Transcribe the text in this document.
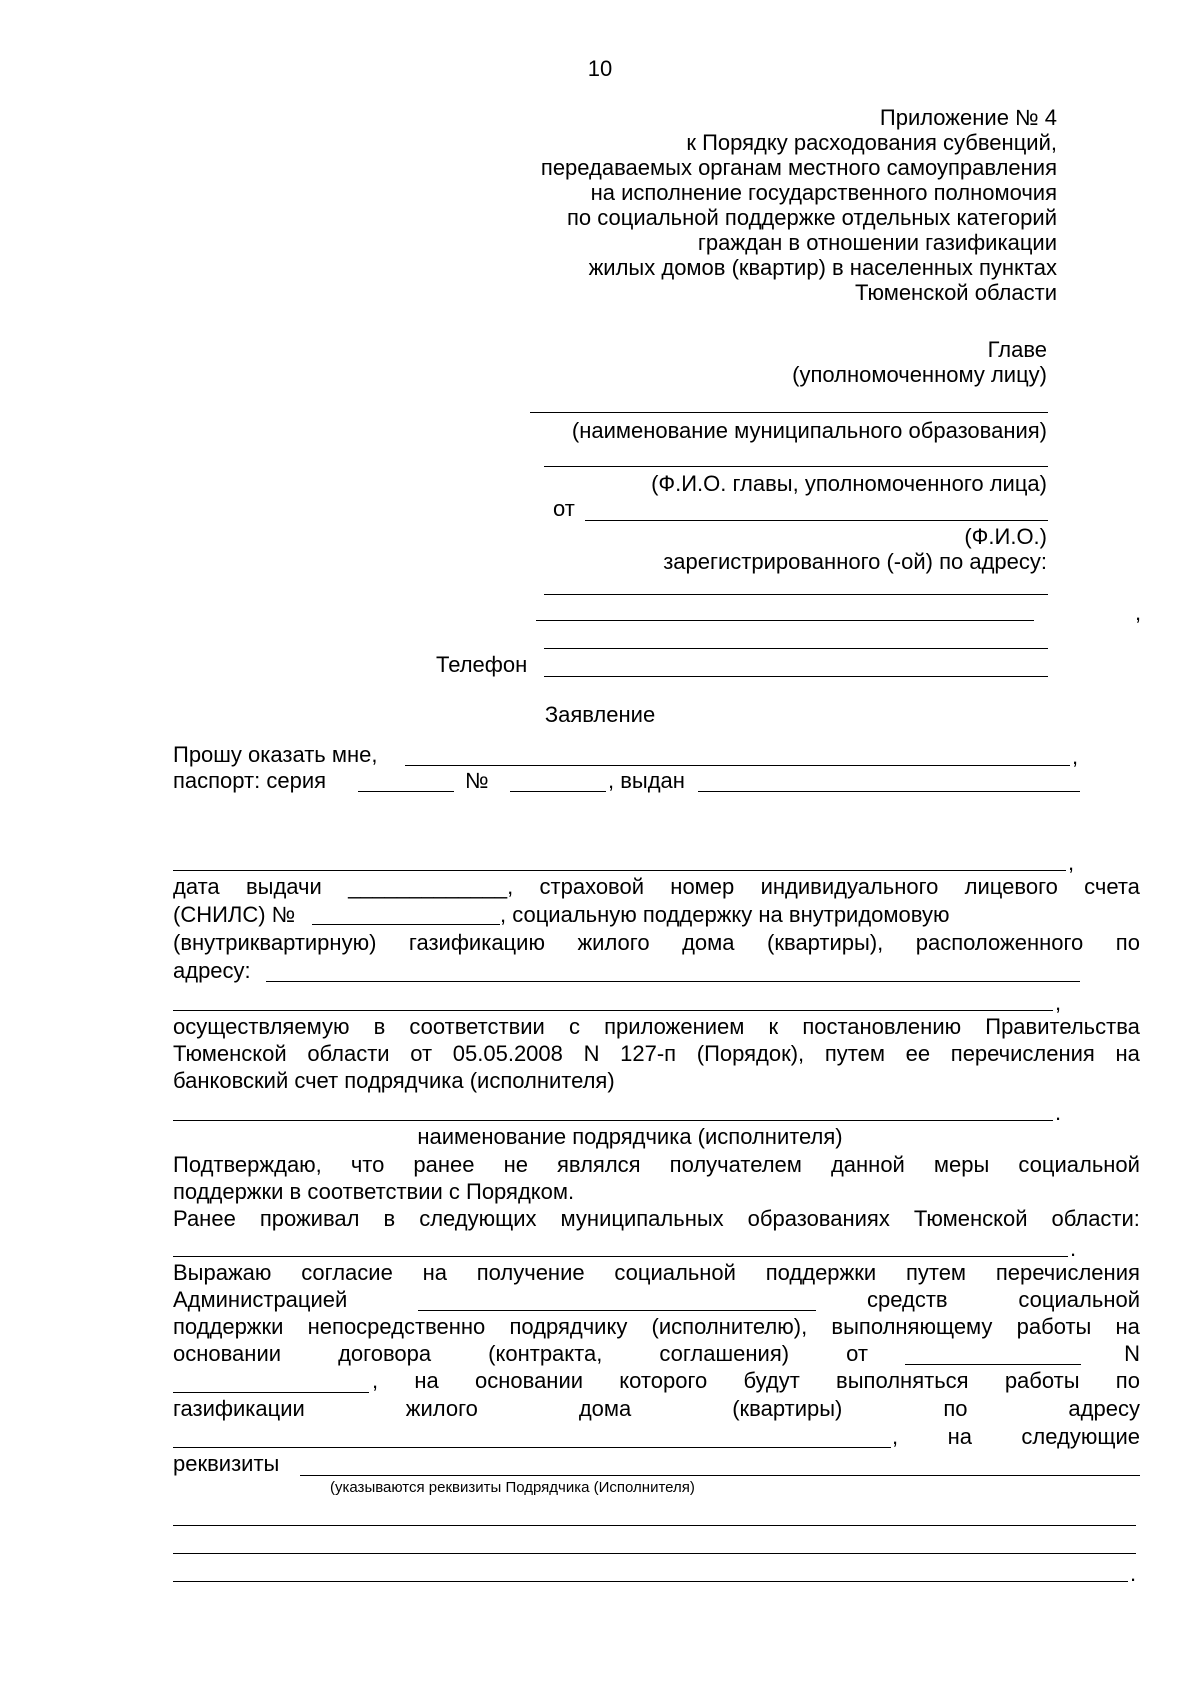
10
Приложение № 4
к Порядку расходования субвенций,
передаваемых органам местного самоуправления
на исполнение государственного полномочия
по социальной поддержке отдельных категорий
граждан в отношении газификации
жилых домов (квартир) в населенных пунктах
Тюменской области
Главе
(уполномоченному лицу)
(наименование муниципального образования)
(Ф.И.О. главы, уполномоченного лица)
от
(Ф.И.О.)
зарегистрированного (-ой) по адресу:
,
Телефон
Заявление
Прошу оказать мне,	,
паспорт: серия	№	, выдан
,
дата выдачи _____________, страховой номер индивидуального лицевого счета
(СНИЛС) №	, социальную поддержку на внутридомовую
(внутриквартирную) газификацию жилого дома (квартиры), расположенного по
адресу:
,
осуществляемую в соответствии с приложением к постановлению Правительства
Тюменской области от 05.05.2008 N 127-п (Порядок), путем ее перечисления на
банковский счет подрядчика (исполнителя)
.
наименование подрядчика (исполнителя)
Подтверждаю, что ранее не являлся получателем данной меры социальной
поддержки в соответствии с Порядком.
Ранее проживал в следующих муниципальных образованиях Тюменской области:
.
Выражаю согласие на получение социальной поддержки путем перечисления
Администрацией	средств	социальной
поддержки непосредственно подрядчику (исполнителю), выполняющему работы на
основании	договора	(контракта,	соглашения)	от	N
, на основании которого будут выполняться работы по
газификации	жилого	дома	(квартиры)	по	адресу
, на следующие
реквизиты
(указываются реквизиты Подрядчика (Исполнителя)
.
